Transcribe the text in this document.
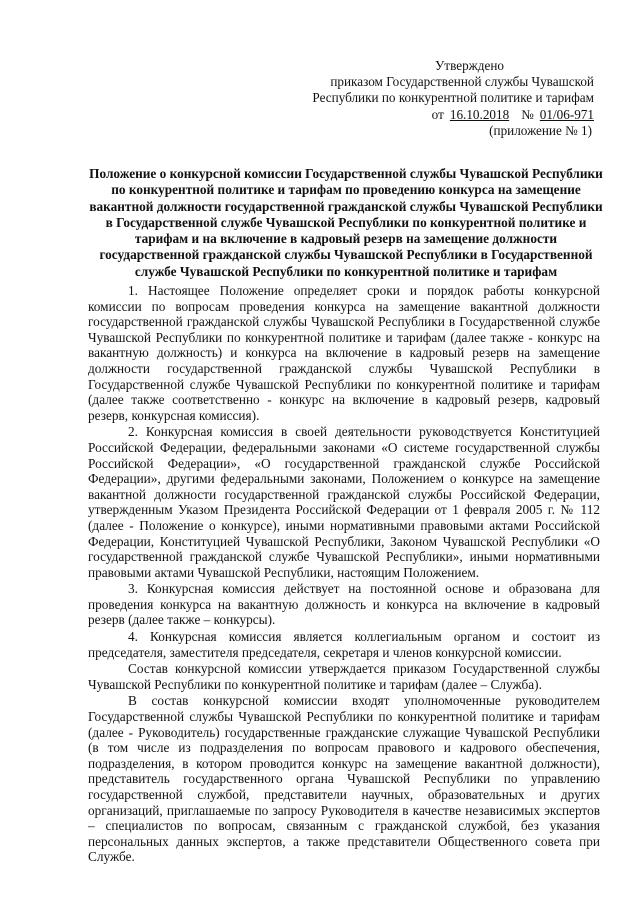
Утверждено
приказом Государственной службы Чувашской
Республики по конкурентной политике и тарифам
от 16.10.2018 № 01/06-971
(приложение № 1)
Положение о конкурсной комиссии Государственной службы Чувашской Республики по конкурентной политике и тарифам по проведению конкурса на замещение вакантной должности государственной гражданской службы Чувашской Республики в Государственной службе Чувашской Республики по конкурентной политике и тарифам и на включение в кадровый резерв на замещение должности государственной гражданской службы Чувашской Республики в Государственной службе Чувашской Республики по конкурентной политике и тарифам

1. Настоящее Положение определяет сроки и порядок работы конкурсной комиссии по вопросам проведения конкурса на замещение вакантной должности государственной гражданской службы Чувашской Республики в Государственной службе Чувашской Республики по конкурентной политике и тарифам (далее также - конкурс на вакантную должность) и конкурса на включение в кадровый резерв на замещение должности государственной гражданской службы Чувашской Республики в Государственной службе Чувашской Республики по конкурентной политике и тарифам (далее также соответственно - конкурс на включение в кадровый резерв, кадровый резерв, конкурсная комиссия).

2. Конкурсная комиссия в своей деятельности руководствуется Конституцией Российской Федерации, федеральными законами «О системе государственной службы Российской Федерации», «О государственной гражданской службе Российской Федерации», другими федеральными законами, Положением о конкурсе на замещение вакантной должности государственной гражданской службы Российской Федерации, утвержденным Указом Президента Российской Федерации от 1 февраля 2005 г. № 112 (далее - Положение о конкурсе), иными нормативными правовыми актами Российской Федерации, Конституцией Чувашской Республики, Законом Чувашской Республики «О государственной гражданской службе Чувашской Республики», иными нормативными правовыми актами Чувашской Республики, настоящим Положением.

3. Конкурсная комиссия действует на постоянной основе и образована для проведения конкурса на вакантную должность и конкурса на включение в кадровый резерв (далее также – конкурсы).

4. Конкурсная комиссия является коллегиальным органом и состоит из председателя, заместителя председателя, секретаря и членов конкурсной комиссии.

Состав конкурсной комиссии утверждается приказом Государственной службы Чувашской Республики по конкурентной политике и тарифам (далее – Служба).

В состав конкурсной комиссии входят уполномоченные руководителем Государственной службы Чувашской Республики по конкурентной политике и тарифам (далее - Руководитель) государственные гражданские служащие Чувашской Республики (в том числе из подразделения по вопросам правового и кадрового обеспечения, подразделения, в котором проводится конкурс на замещение вакантной должности), представитель государственного органа Чувашской Республики по управлению государственной службой, представители научных, образовательных и других организаций, приглашаемые по запросу Руководителя в качестве независимых экспертов – специалистов по вопросам, связанным с гражданской службой, без указания персональных данных экспертов, а также представители Общественного совета при Службе.
